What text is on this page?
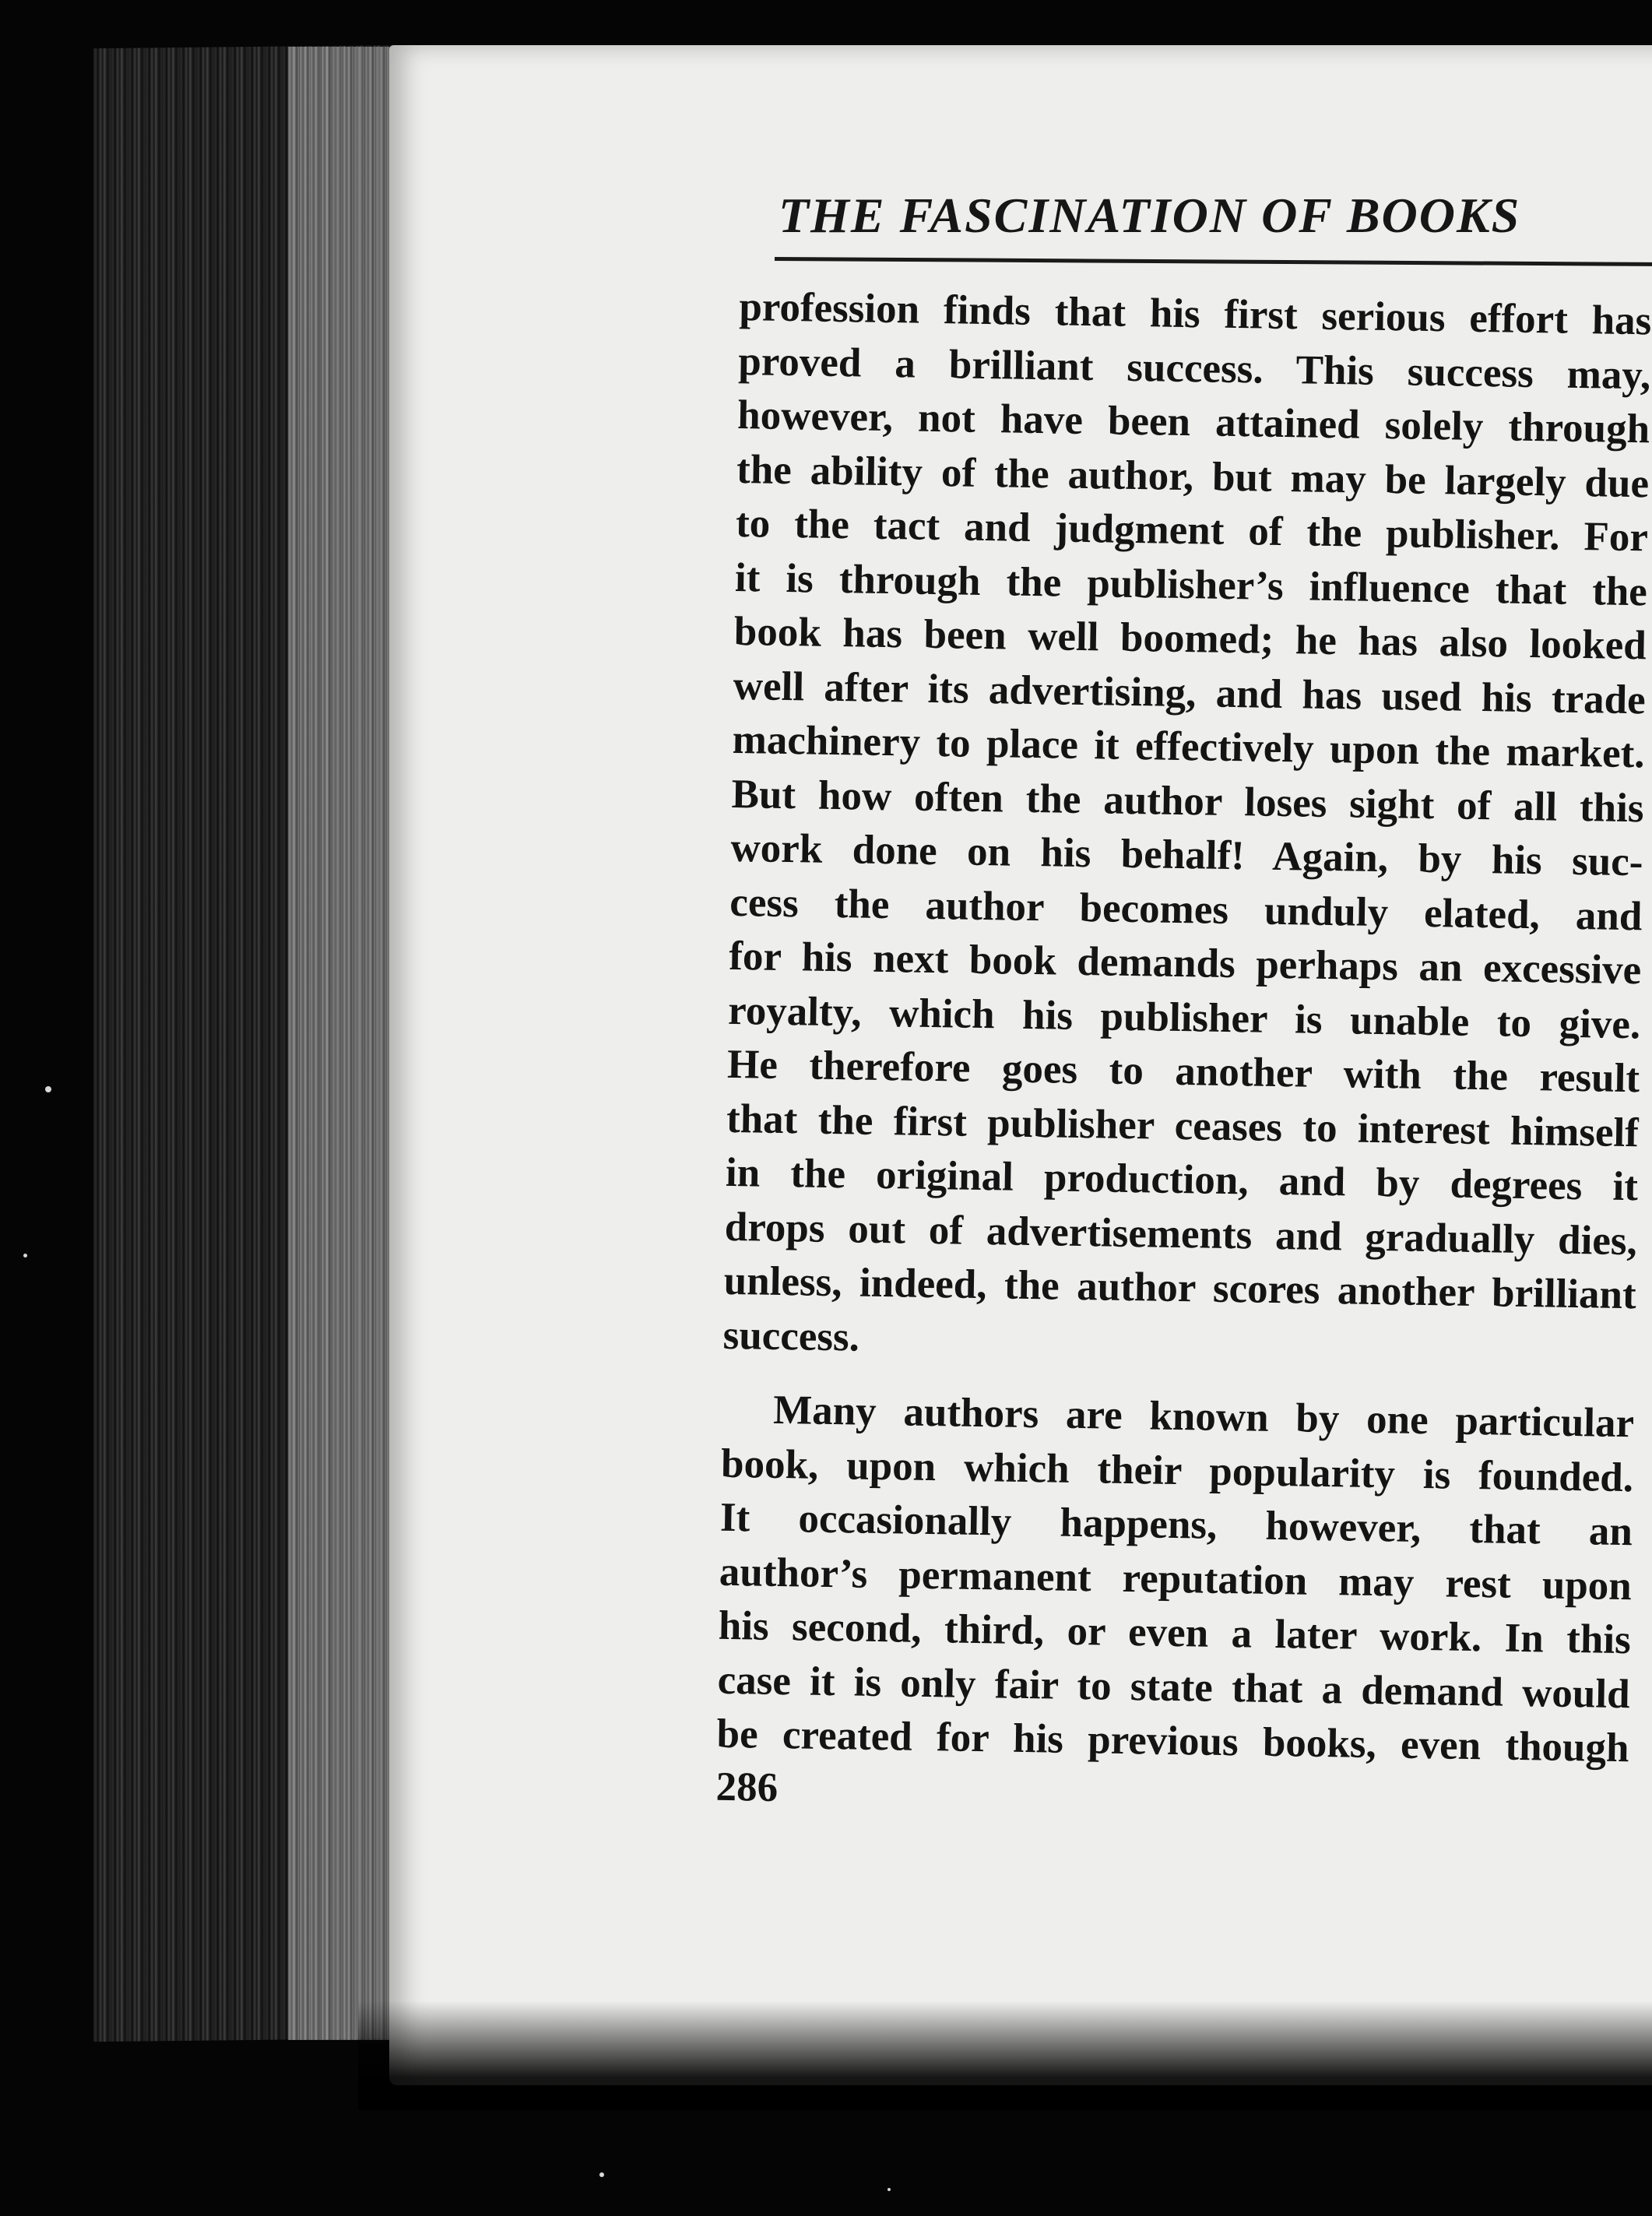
THE FASCINATION OF BOOKS
profession finds that his first serious effort has
proved a brilliant success. This success may,
however, not have been attained solely through
the ability of the author, but may be largely due
to the tact and judgment of the publisher. For
it is through the publisher’s influence that the
book has been well boomed; he has also looked
well after its advertising, and has used his trade
machinery to place it effectively upon the market.
But how often the author loses sight of all this
work done on his behalf! Again, by his suc-
cess the author becomes unduly elated, and
for his next book demands perhaps an excessive
royalty, which his publisher is unable to give.
He therefore goes to another with the result
that the first publisher ceases to interest himself
in the original production, and by degrees it
drops out of advertisements and gradually dies,
unless, indeed, the author scores another brilliant
success.
Many authors are known by one particular
book, upon which their popularity is founded.
It occasionally happens, however, that an
author’s permanent reputation may rest upon
his second, third, or even a later work. In this
case it is only fair to state that a demand would
be created for his previous books, even though
286
